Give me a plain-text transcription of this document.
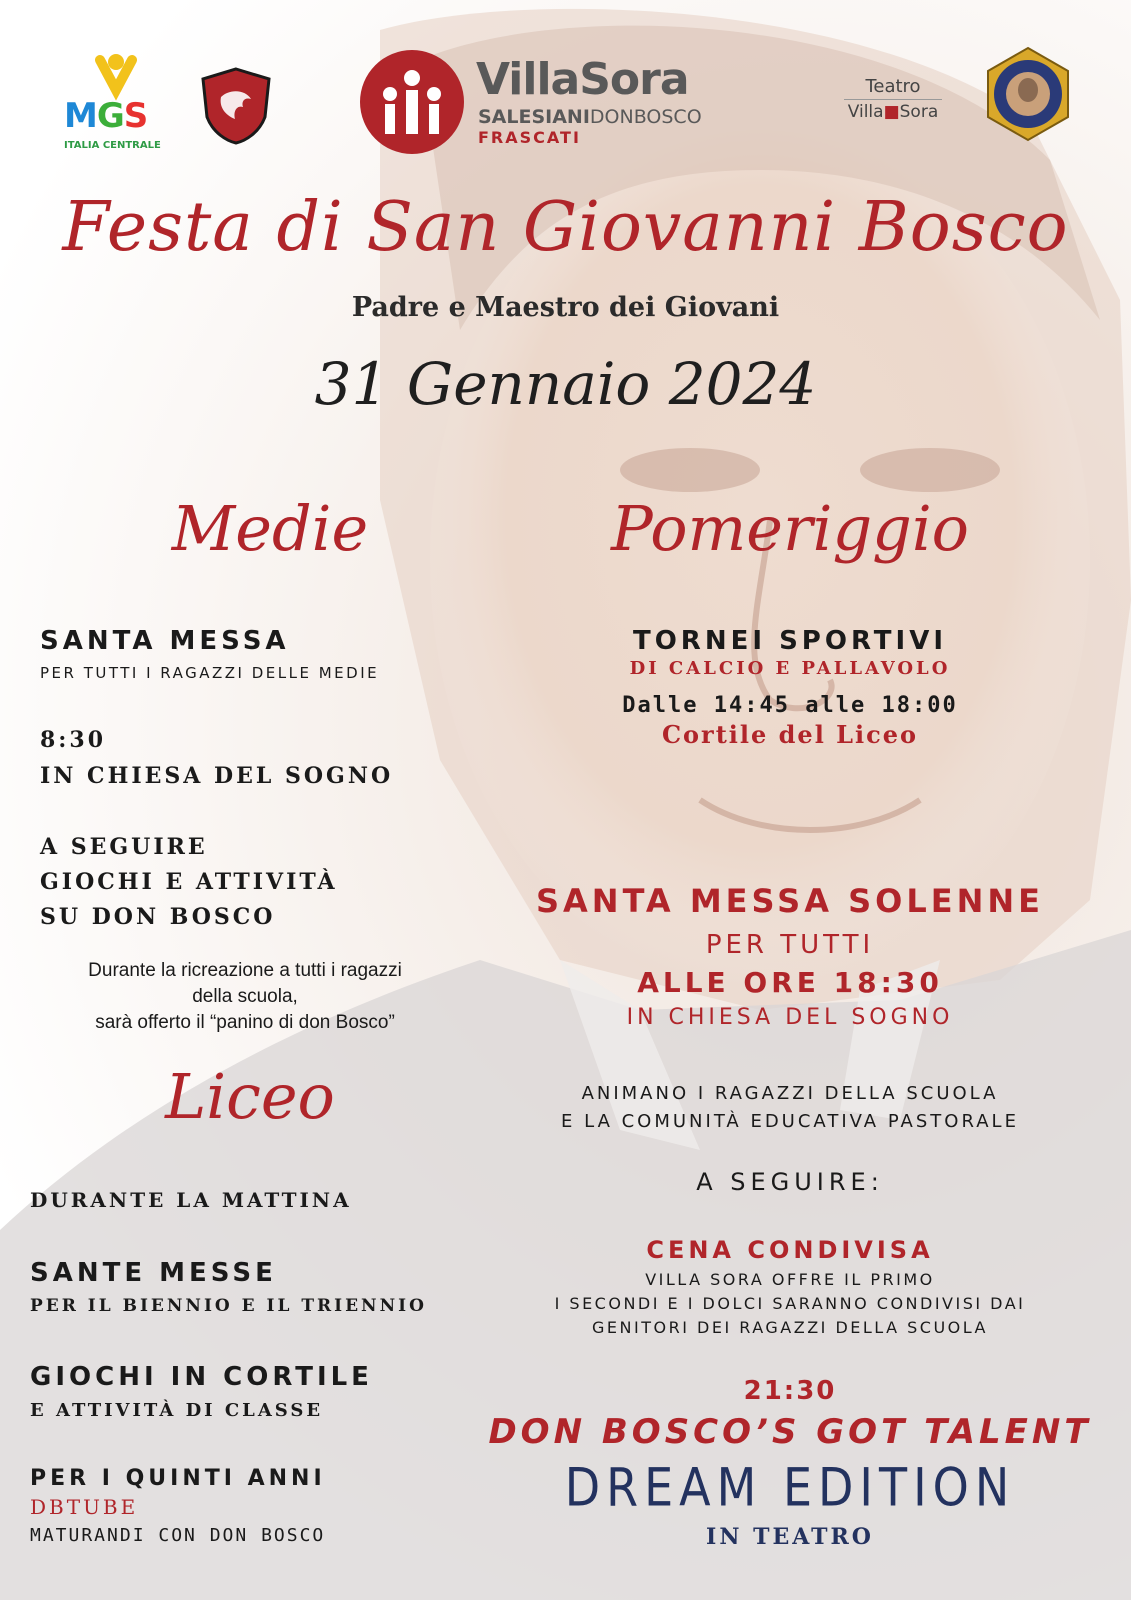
MGS
ITALIA CENTRALE
VillaSora
SALESIANIDONBOSCO
FRASCATI
Teatro
Villa■Sora
Festa di San Giovanni Bosco
Padre e Maestro dei Giovani
31 Gennaio 2024
Medie
SANTA MESSA
PER TUTTI I RAGAZZI DELLE MEDIE
8:30
IN CHIESA DEL SOGNO
A SEGUIRE
GIOCHI E ATTIVITÀ
SU DON BOSCO
Durante la ricreazione a tutti i ragazzi
della scuola,
sarà offerto il “panino di don Bosco”
Liceo
DURANTE LA MATTINA
SANTE MESSE
PER IL BIENNIO E IL TRIENNIO
GIOCHI IN CORTILE
E ATTIVITÀ DI CLASSE
PER I QUINTI ANNI
DBTUBE
MATURANDI CON DON BOSCO
Pomeriggio
TORNEI SPORTIVI
DI CALCIO E PALLAVOLO
Dalle 14:45 alle 18:00
Cortile del Liceo
SANTA MESSA SOLENNE
PER TUTTI
ALLE ORE 18:30
IN CHIESA DEL SOGNO
ANIMANO I RAGAZZI DELLA SCUOLA
E LA COMUNITÀ EDUCATIVA PASTORALE
A SEGUIRE:
CENA CONDIVISA
VILLA SORA OFFRE IL PRIMO
I SECONDI E I DOLCI SARANNO CONDIVISI DAI
GENITORI DEI RAGAZZI DELLA SCUOLA
21:30
DON BOSCO’S GOT TALENT
DREAM EDITION
IN TEATRO
